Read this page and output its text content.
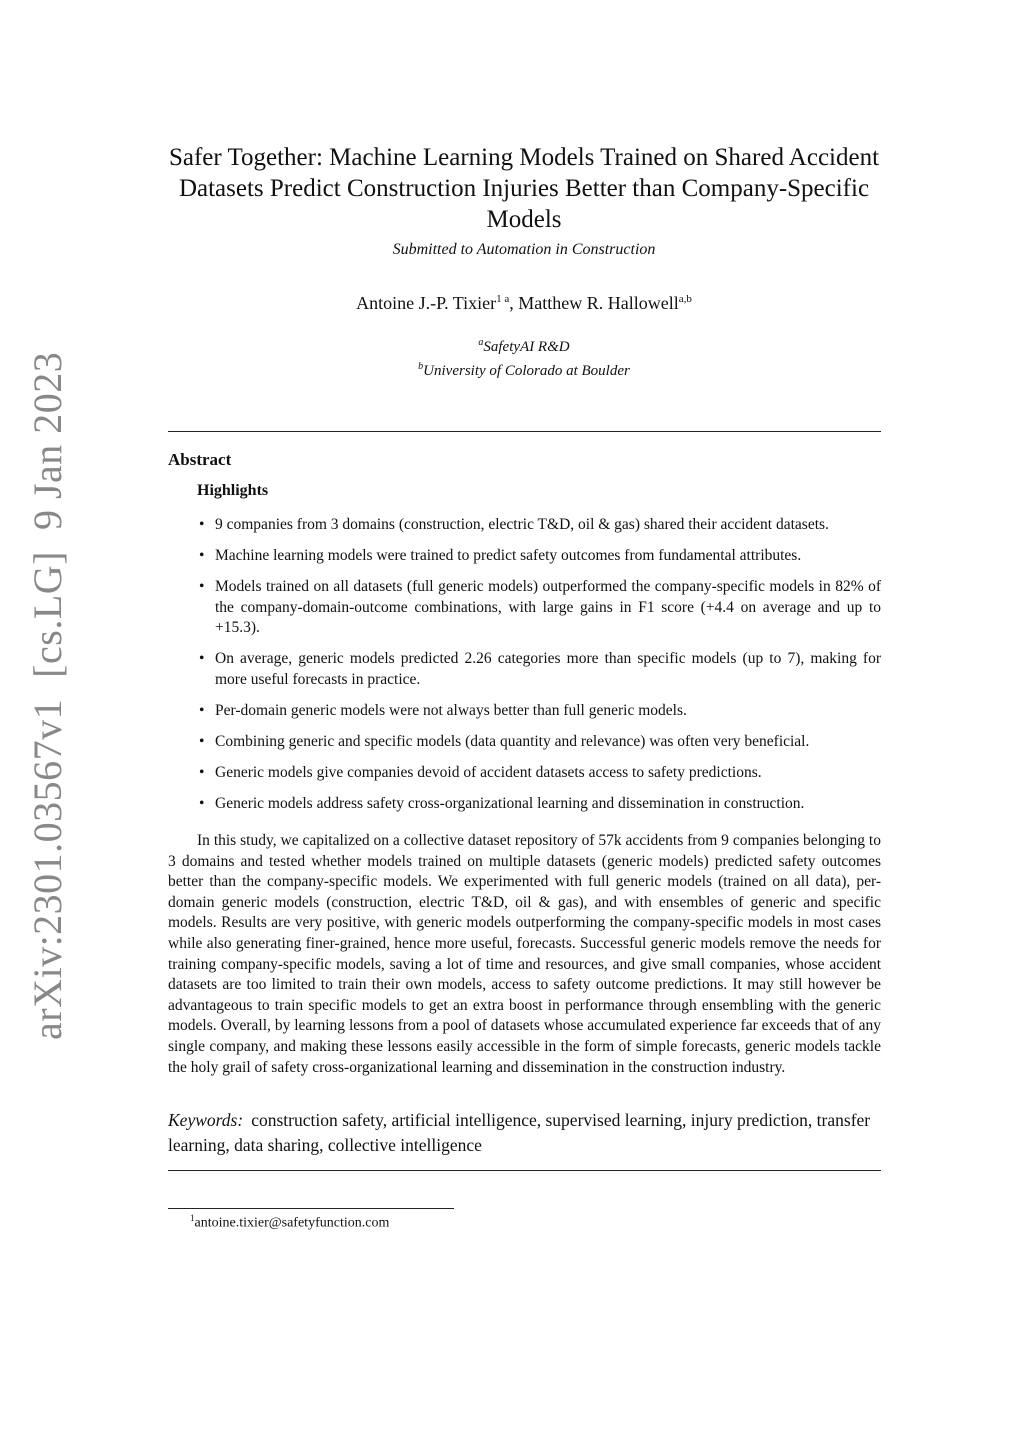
arXiv:2301.03567v1  [cs.LG]  9 Jan 2023
Safer Together: Machine Learning Models Trained on Shared Accident Datasets Predict Construction Injuries Better than Company-Specific Models
Submitted to Automation in Construction
Antoine J.-P. Tixier$^{1 a}$, Matthew R. Hallowell$^{a,b}$
$^a$SafetyAI R&D
$^b$University of Colorado at Boulder
Abstract
Highlights
• 9 companies from 3 domains (construction, electric T&D, oil & gas) shared their accident datasets.
• Machine learning models were trained to predict safety outcomes from fundamental attributes.
• Models trained on all datasets (full generic models) outperformed the company-specific models in 82% of the company-domain-outcome combinations, with large gains in F1 score (+4.4 on average and up to +15.3).
• On average, generic models predicted 2.26 categories more than specific models (up to 7), making for more useful forecasts in practice.
• Per-domain generic models were not always better than full generic models.
• Combining generic and specific models (data quantity and relevance) was often very beneficial.
• Generic models give companies devoid of accident datasets access to safety predictions.
• Generic models address safety cross-organizational learning and dissemination in construction.

In this study, we capitalized on a collective dataset repository of 57k accidents from 9 companies belonging to 3 domains and tested whether models trained on multiple datasets (generic models) predicted safety outcomes better than the company-specific models. We experimented with full generic models (trained on all data), per-domain generic models (construction, electric T&D, oil & gas), and with ensembles of generic and specific models. Results are very positive, with generic models outperforming the company-specific models in most cases while also generating finer-grained, hence more useful, forecasts. Successful generic models remove the needs for training company-specific models, saving a lot of time and resources, and give small companies, whose accident datasets are too limited to train their own models, access to safety outcome predictions. It may still however be advantageous to train specific models to get an extra boost in performance through ensembling with the generic models. Overall, by learning lessons from a pool of datasets whose accumulated experience far exceeds that of any single company, and making these lessons easily accessible in the form of simple forecasts, generic models tackle the holy grail of safety cross-organizational learning and dissemination in the construction industry.

Keywords: construction safety, artificial intelligence, supervised learning, injury prediction, transfer learning, data sharing, collective intelligence
$^1$antoine.tixier@safetyfunction.com
